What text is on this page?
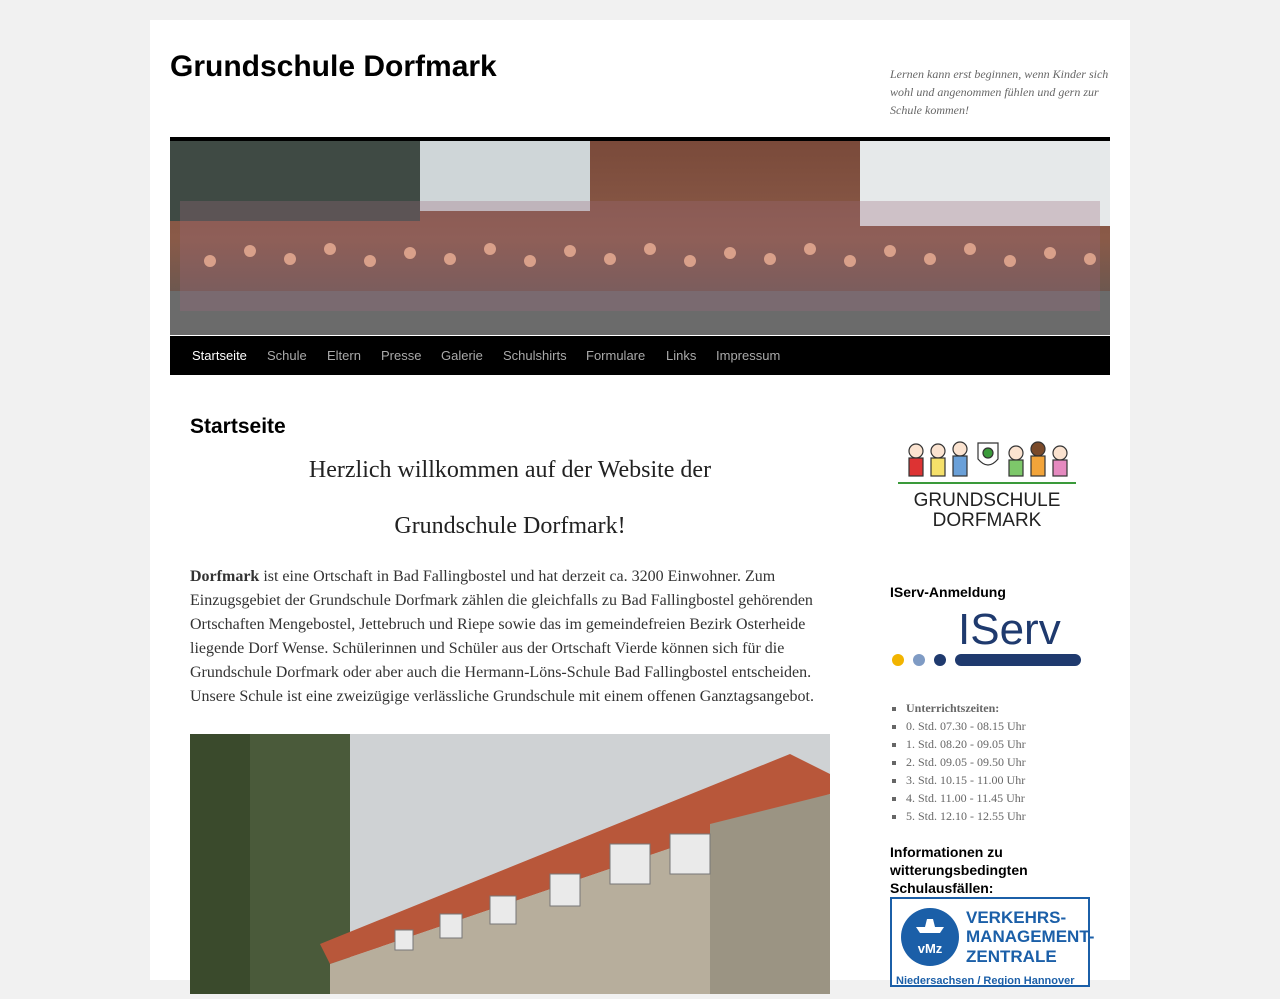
Grundschule Dorfmark	Lernen kann erst beginnen, wenn Kinder sich wohl und angenommen fühlen und gern zur Schule kommen!
Startseite Schule Eltern Presse Galerie Schulshirts Formulare Links Impressum
Startseite

Herzlich willkommen auf der Website der

Grundschule Dorfmark!

Dorfmark ist eine Ortschaft in Bad Fallingbostel und hat derzeit ca. 3200 Einwohner. Zum Einzugsgebiet der Grundschule Dorfmark zählen die gleichfalls zu Bad Fallingbostel gehörenden Ortschaften Mengebostel, Jettebruch und Riepe sowie das im gemeindefreien Bezirk Osterheide liegende Dorf Wense. Schülerinnen und Schüler aus der Ortschaft Vierde können sich für die Grundschule Dorfmark oder aber auch die Hermann-Löns-Schule Bad Fallingbostel entscheiden. Unsere Schule ist eine zweizügige verlässliche Grundschule mit einem offenen Ganztagsangebot.

GRUNDSCHULE
DORFMARK
IServ-Anmeldung
IServ
▪ Unterrichtszeiten:
▪ 0. Std. 07.30 - 08.15 Uhr
▪ 1. Std. 08.20 - 09.05 Uhr
▪ 2. Std. 09.05 - 09.50 Uhr
▪ 3. Std. 10.15 - 11.00 Uhr
▪ 4. Std. 11.00 - 11.45 Uhr
▪ 5. Std. 12.10 - 12.55 Uhr
Informationen zu witterungsbedingten Schulausfällen:
vMz
VERKEHRS-
MANAGEMENT-
ZENTRALE
Niedersachsen / Region Hannover
